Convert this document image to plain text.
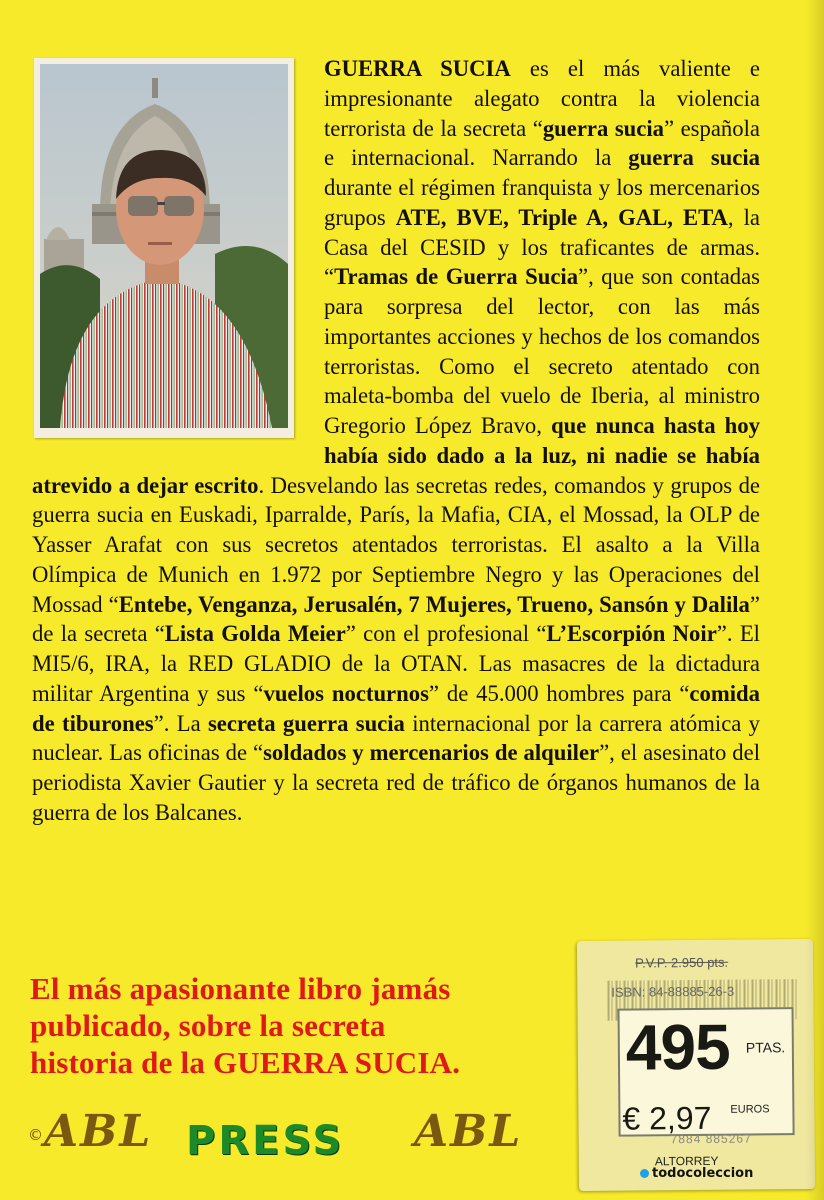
GUERRA SUCIA es el más valiente e impresionante alegato contra la violencia terrorista de la secreta “guerra sucia” española e internacional. Narrando la guerra sucia durante el régimen franquista y los mercenarios grupos ATE, BVE, Triple A, GAL, ETA, la Casa del CESID y los traficantes de armas. “Tramas de Guerra Sucia”, que son contadas para sorpresa del lector, con las más importantes acciones y hechos de los comandos terroristas. Como el secreto atentado con maleta-bomba del vuelo de Iberia, al ministro Gregorio López Bravo, que nunca hasta hoy había sido dado a la luz, ni nadie se había atrevido a dejar escrito. Desvelando las secretas redes, comandos y grupos de guerra sucia en Euskadi, Iparralde, París, la Mafia, CIA, el Mossad, la OLP de Yasser Arafat con sus secretos atentados terroristas. El asalto a la Villa Olímpica de Munich en 1.972 por Septiembre Negro y las Operaciones del Mossad “Entebe, Venganza, Jerusalén, 7 Mujeres, Trueno, Sansón y Dalila” de la secreta “Lista Golda Meier” con el profesional “L’Escorpión Noir”. El MI5/6, IRA, la RED GLADIO de la OTAN. Las masacres de la dictadura militar Argentina y sus “vuelos nocturnos” de 45.000 hombres para “comida de tiburones”. La secreta guerra sucia internacional por la carrera atómica y nuclear. Las oficinas de “soldados y mercenarios de alquiler”, el asesinato del periodista Xavier Gautier y la secreta red de tráfico de órganos humanos de la guerra de los Balcanes.
El más apasionante libro jamás
publicado, sobre la secreta
historia de la GUERRA SUCIA.
© ABL PRESS ABL
P.V.P. 2.950 pts.
ISBN: 84-88885-26-3
495 PTAS.
€ 2,97 EUROS
7884 885267
ALTORREY
todocoleccion
